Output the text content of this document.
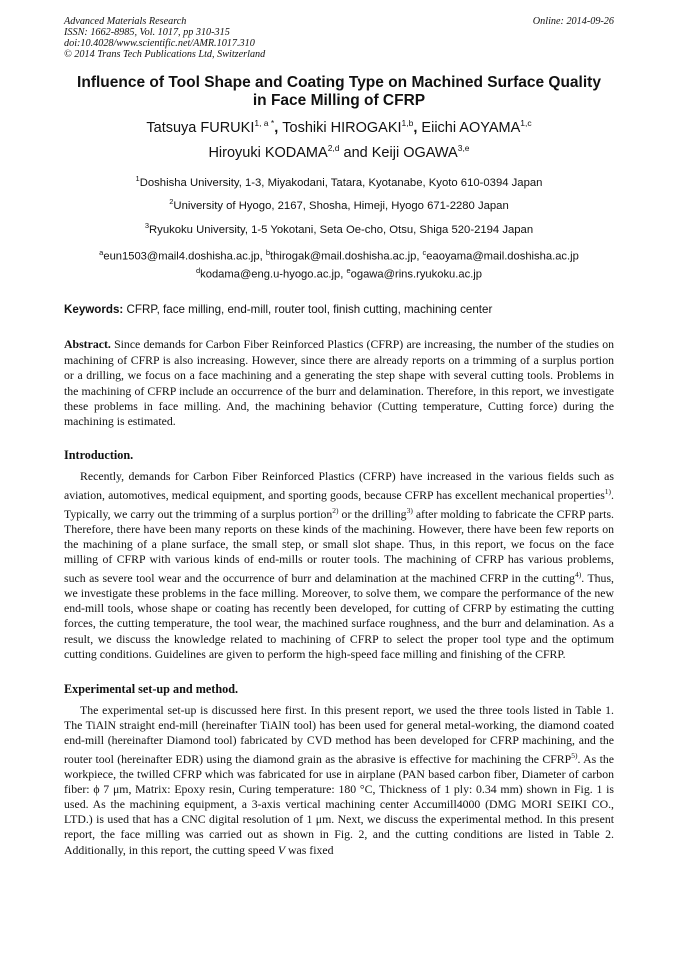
Advanced Materials Research
ISSN: 1662-8985, Vol. 1017, pp 310-315
doi:10.4028/www.scientific.net/AMR.1017.310
© 2014 Trans Tech Publications Ltd, Switzerland
Online: 2014-09-26
Influence of Tool Shape and Coating Type on Machined Surface Quality
in Face Milling of CFRP
Tatsuya $FURUKI^{1, a *}$, Toshiki HIROGAKI$^{1,b}$, Eiichi AOYAMA$^{1,c}$
Hiroyuki KODAMA$^{2,d}$ and Keiji OGAWA$^{3,e}$
$^1$Doshisha University, 1-3, Miyakodani, Tatara, Kyotanabe, Kyoto 610-0394 Japan
$^2$University of Hyogo, 2167, Shosha, Himeji, Hyogo 671-2280 Japan
$^3$Ryukoku University, 1-5 Yokotani, Seta Oe-cho, Otsu, Shiga 520-2194 Japan
$^a$eun1503@mail4.doshisha.ac.jp, $^b$thirogak@mail.doshisha.ac.jp, $^c$eaoyama@mail.doshisha.ac.jp
$^d$kodama@eng.u-hyogo.ac.jp, $^e$ogawa@rins.ryukoku.ac.jp
Keywords: CFRP, face milling, end-mill, router tool, finish cutting, machining center
Abstract. Since demands for Carbon Fiber Reinforced Plastics (CFRP) are increasing, the number of the studies on machining of CFRP is also increasing. However, since there are already reports on a trimming of a surplus portion or a drilling, we focus on a face machining and a generating the step shape with several cutting tools. Problems in the machining of CFRP include an occurrence of the burr and delamination. Therefore, in this report, we investigate these problems in face milling. And, the machining behavior (Cutting temperature, Cutting force) during the machining is estimated.
Introduction.

Recently, demands for Carbon Fiber Reinforced Plastics (CFRP) have increased in the various fields such as aviation, automotives, medical equipment, and sporting goods, because CFRP has excellent mechanical properties$^{1)}$. Typically, we carry out the trimming of a surplus portion$^{2)}$ or the drilling$^{3)}$ after molding to fabricate the CFRP parts. Therefore, there have been many reports on these kinds of the machining. However, there have been few reports on the machining of a plane surface, the small step, or small slot shape. Thus, in this report, we focus on the face milling of CFRP with various kinds of end-mills or router tools. The machining of CFRP has various problems, such as severe tool wear and the occurrence of burr and delamination at the machined CFRP in the cutting$^{4)}$. Thus, we investigate these problems in the face milling. Moreover, to solve them, we compare the performance of the new end-mill tools, whose shape or coating has recently been developed, for cutting of CFRP by estimating the cutting forces, the cutting temperature, the tool wear, the machined surface roughness, and the burr and delamination. As a result, we discuss the knowledge related to machining of CFRP to select the proper tool type and the optimum cutting conditions. Guidelines are given to perform the high-speed face milling and finishing of the CFRP.

Experimental set-up and method.

The experimental set-up is discussed here first. In this present report, we used the three tools listed in Table 1. The TiAlN straight end-mill (hereinafter TiAlN tool) has been used for general metal-working, the diamond coated end-mill (hereinafter Diamond tool) fabricated by CVD method has been developed for CFRP machining, and the router tool (hereinafter EDR) using the diamond grain as the abrasive is effective for machining the CFRP$^{5)}$. As the workpiece, the twilled CFRP which was fabricated for use in airplane (PAN based carbon fiber, Diameter of carbon fiber: ϕ 7 μm, Matrix: Epoxy resin, Curing temperature: 180 °C, Thickness of 1 ply: 0.34 mm) shown in Fig. 1 is used. As the machining equipment, a 3-axis vertical machining center Accumill4000 (DMG MORI SEIKI CO., LTD.) is used that has a CNC digital resolution of 1 μm. Next, we discuss the experimental method. In this present report, the face milling was carried out as shown in Fig. 2, and the cutting conditions are listed in Table 2. Additionally, in this report, the cutting speed V was fixed
